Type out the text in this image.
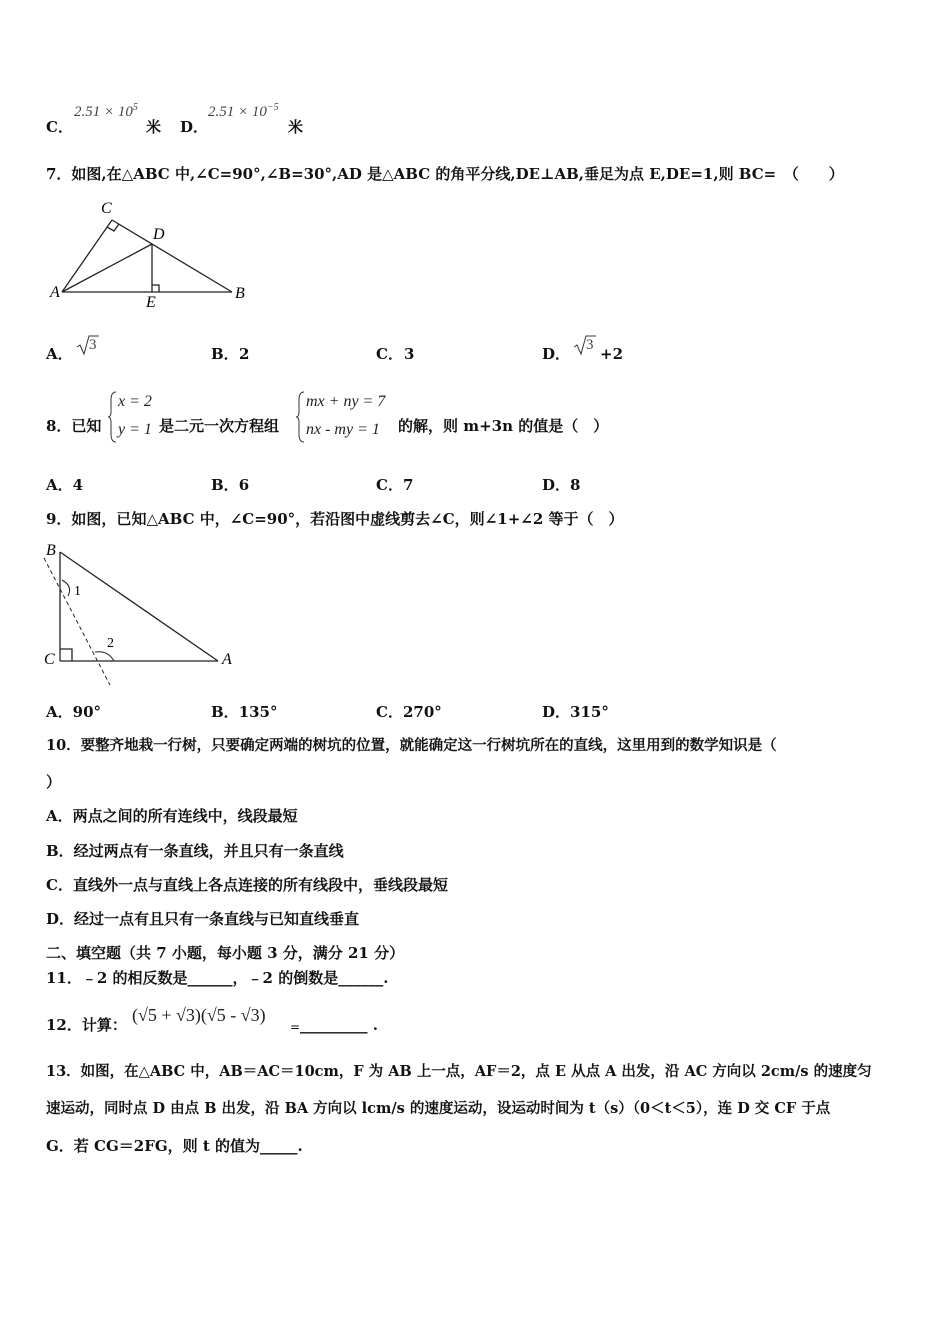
C．
$2.51 \times 10^5$
米 D．
$2.51 \times 10^{-5}$
米
7．如图,在△ABC 中,∠C=90°,∠B=30°,AD 是△ABC 的角平分线,DE⊥AB,垂足为点 E,DE=1,则 BC=　（　　）
C
D
A
E
B
A． 3	B． 2	C． 3	D． 3 +2
8．已知
x = 2
y = 1 是二元一次方程组
mx + ny = 7
nx - my = 1	的解，则 m+3n 的值是（　）
A．4	B．6	C．7	D．8
9．如图，已知△ABC 中，∠C=90°，若沿图中虚线剪去∠C，则∠1+∠2 等于（　）
B
C	A
1
2
A．90°	B．135°	C．270°	D．315°
10．要整齐地栽一行树，只要确定两端的树坑的位置，就能确定这一行树坑所在的直线，这里用到的数学知识是（
）
A．两点之间的所有连线中，线段最短
B．经过两点有一条直线，并且只有一条直线
C．直线外一点与直线上各点连接的所有线段中，垂线段最短
D．经过一点有且只有一条直线与已知直线垂直
二、填空题（共 7 小题，每小题 3 分，满分 21 分）
11．﹣2 的相反数是______，﹣2 的倒数是______.
12．计算： (√5 + √3)(√5 - √3)
= _________ .
13．如图，在△ABC 中，AB＝AC＝10cm，F 为 AB 上一点，AF＝2，点 E 从点 A 出发，沿 AC 方向以 2cm/s 的速度匀
速运动，同时点 D 由点 B 出发，沿 BA 方向以 lcm/s 的速度运动，设运动时间为 t（s）（0＜t＜5），连 D 交 CF 于点
G．若 CG＝2FG，则 t 的值为_____.
